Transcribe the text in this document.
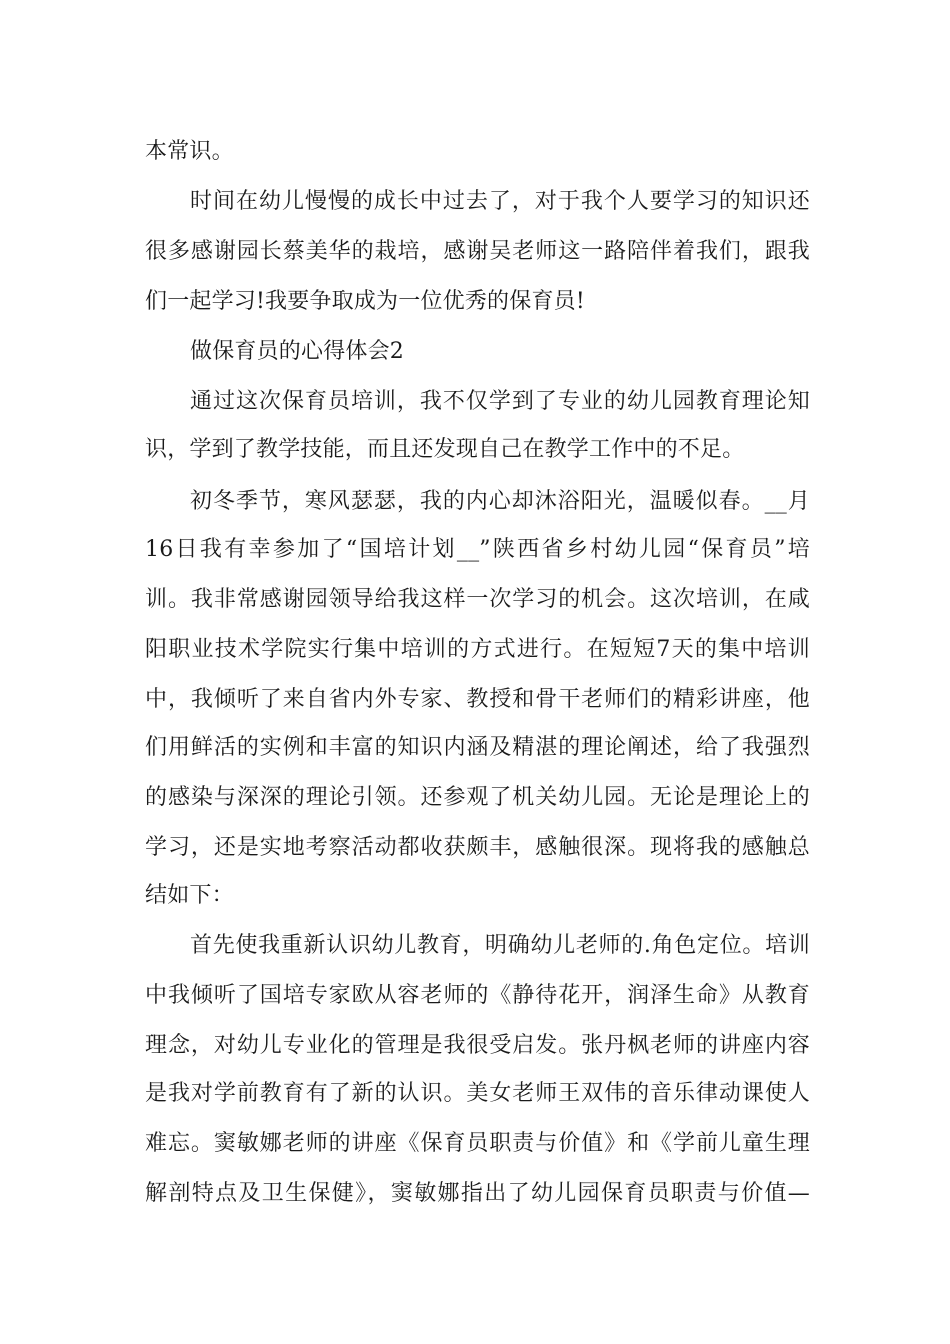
本常识。
时间在幼儿慢慢的成长中过去了，对于我个人要学习的知识还
很多感谢园长蔡美华的栽培，感谢吴老师这一路陪伴着我们，跟我
们一起学习!我要争取成为一位优秀的保育员!
做保育员的心得体会2
通过这次保育员培训，我不仅学到了专业的幼儿园教育理论知
识，学到了教学技能，而且还发现自己在教学工作中的不足。
初冬季节，寒风瑟瑟，我的内心却沐浴阳光，温暖似春。__月
16日我有幸参加了“国培计划__”陕西省乡村幼儿园“保育员”培
训。我非常感谢园领导给我这样一次学习的机会。这次培训，在咸
阳职业技术学院实行集中培训的方式进行。在短短7天的集中培训
中，我倾听了来自省内外专家、教授和骨干老师们的精彩讲座，他
们用鲜活的实例和丰富的知识内涵及精湛的理论阐述，给了我强烈
的感染与深深的理论引领。还参观了机关幼儿园。无论是理论上的
学习，还是实地考察活动都收获颇丰，感触很深。现将我的感触总
结如下：
首先使我重新认识幼儿教育，明确幼儿老师的.角色定位。培训
中我倾听了国培专家欧从容老师的《静待花开，润泽生命》从教育
理念，对幼儿专业化的管理是我很受启发。张丹枫老师的讲座内容
是我对学前教育有了新的认识。美女老师王双伟的音乐律动课使人
难忘。窦敏娜老师的讲座《保育员职责与价值》和《学前儿童生理
解剖特点及卫生保健》，窦敏娜指出了幼儿园保育员职责与价值—
